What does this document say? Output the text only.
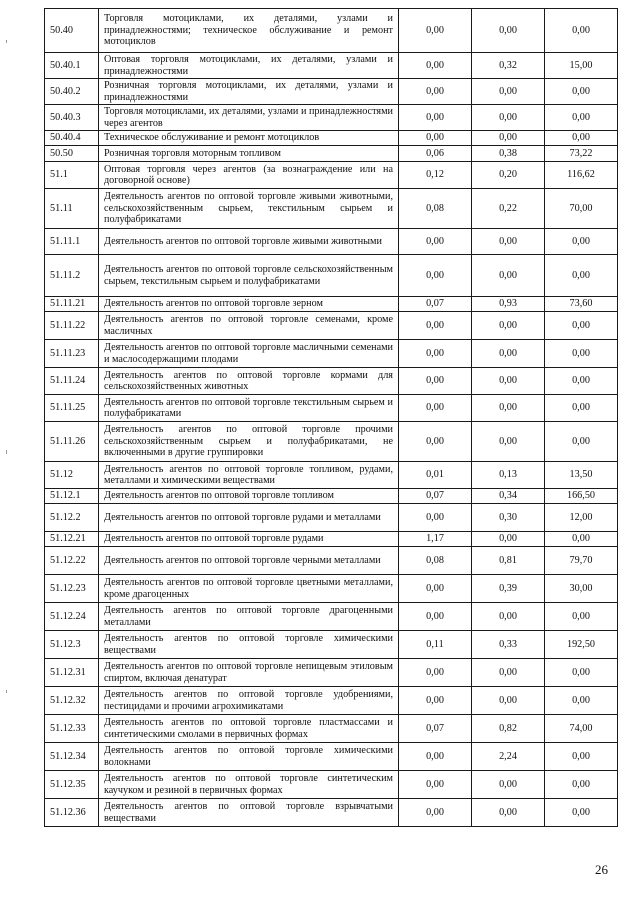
50.40	Торговля мотоциклами, их деталями, узлами и принадлежностями; техническое обслуживание и ремонт мотоциклов	0,00	0,00	0,00
50.40.1	Оптовая торговля мотоциклами, их деталями, узлами и принадлежностями	0,00	0,32	15,00
50.40.2	Розничная торговля мотоциклами, их деталями, узлами и принадлежностями	0,00	0,00	0,00
50.40.3	Торговля мотоциклами, их деталями, узлами и принадлежностями через агентов	0,00	0,00	0,00
50.40.4	Техническое обслуживание и ремонт мотоциклов	0,00	0,00	0,00
50.50	Розничная торговля моторным топливом	0,06	0,38	73,22
51.1	Оптовая торговля через агентов (за вознаграждение или на договорной основе)	0,12	0,20	116,62
51.11	Деятельность агентов по оптовой торговле живыми животными, сельскохозяйственным сырьем, текстильным сырьем и полуфабрикатами	0,08	0,22	70,00
51.11.1	Деятельность агентов по оптовой торговле живыми животными	0,00	0,00	0,00
51.11.2	Деятельность агентов по оптовой торговле сельскохозяйственным сырьем, текстильным сырьем и полуфабрикатами	0,00	0,00	0,00
51.11.21	Деятельность агентов по оптовой торговле зерном	0,07	0,93	73,60
51.11.22	Деятельность агентов по оптовой торговле семенами, кроме масличных	0,00	0,00	0,00
51.11.23	Деятельность агентов по оптовой торговле масличными семенами и маслосодержащими плодами	0,00	0,00	0,00
51.11.24	Деятельность агентов по оптовой торговле кормами для сельскохозяйственных животных	0,00	0,00	0,00
51.11.25	Деятельность агентов по оптовой торговле текстильным сырьем и полуфабрикатами	0,00	0,00	0,00
51.11.26	Деятельность агентов по оптовой торговле прочими сельскохозяйственным сырьем и полуфабрикатами, не включенными в другие группировки	0,00	0,00	0,00
51.12	Деятельность агентов по оптовой торговле топливом, рудами, металлами и химическими веществами	0,01	0,13	13,50
51.12.1	Деятельность агентов по оптовой торговле топливом	0,07	0,34	166,50
51.12.2	Деятельность агентов по оптовой торговле рудами и металлами	0,00	0,30	12,00
51.12.21	Деятельность агентов по оптовой торговле рудами	1,17	0,00	0,00
51.12.22	Деятельность агентов по оптовой торговле черными металлами	0,08	0,81	79,70
51.12.23	Деятельность агентов по оптовой торговле цветными металлами, кроме драгоценных	0,00	0,39	30,00
51.12.24	Деятельность агентов по оптовой торговле драгоценными металлами	0,00	0,00	0,00
51.12.3	Деятельность агентов по оптовой торговле химическими веществами	0,11	0,33	192,50
51.12.31	Деятельность агентов по оптовой торговле непищевым этиловым спиртом, включая денатурат	0,00	0,00	0,00
51.12.32	Деятельность агентов по оптовой торговле удобрениями, пестицидами и прочими агрохимикатами	0,00	0,00	0,00
51.12.33	Деятельность агентов по оптовой торговле пластмассами и синтетическими смолами в первичных формах	0,07	0,82	74,00
51.12.34	Деятельность агентов по оптовой торговле химическими волокнами	0,00	2,24	0,00
51.12.35	Деятельность агентов по оптовой торговле синтетическим каучуком и резиной в первичных формах	0,00	0,00	0,00
51.12.36	Деятельность агентов по оптовой торговле взрывчатыми веществами	0,00	0,00	0,00
26
